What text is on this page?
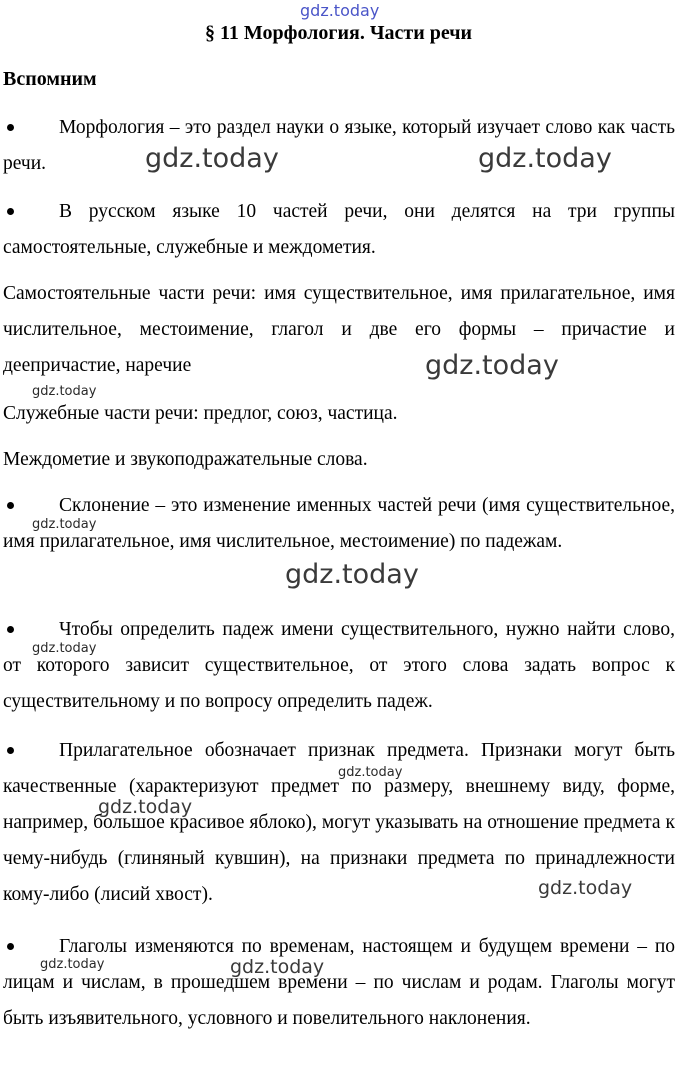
gdz.today
§ 11 Морфология. Части речи
Вспомним
Морфология – это раздел науки о языке, который изучает слово как часть речи.
В русском языке 10 частей речи, они делятся на три группы самостоятельные, служебные и междометия.
Самостоятельные части речи: имя существительное, имя прилагательное, имя числительное, местоимение, глагол и две его формы – причастие и деепричастие, наречие
Служебные части речи: предлог, союз, частица.
Междометие и звукоподражательные слова.
Склонение – это изменение именных частей речи (имя существительное, имя прилагательное, имя числительное, местоимение) по падежам.
Чтобы определить падеж имени существительного, нужно найти слово, от которого зависит существительное, от этого слова задать вопрос к существительному и по вопросу определить падеж.
Прилагательное обозначает признак предмета. Признаки могут быть качественные (характеризуют предмет по размеру, внешнему виду, форме, например, большое красивое яблоко), могут указывать на отношение предмета к чему-нибудь (глиняный кувшин), на признаки предмета по принадлежности кому-либо (лисий хвост).
Глаголы изменяются по временам, настоящем и будущем времени – по лицам и числам, в прошедшем времени – по числам и родам. Глаголы могут быть изъявительного, условного и повелительного наклонения.
gdz.today	gdz.today
gdz.today
gdz.today
gdz.today
gdz.today
gdz.today
gdz.today
gdz.today
gdz.today
gdz.today	gdz.today
